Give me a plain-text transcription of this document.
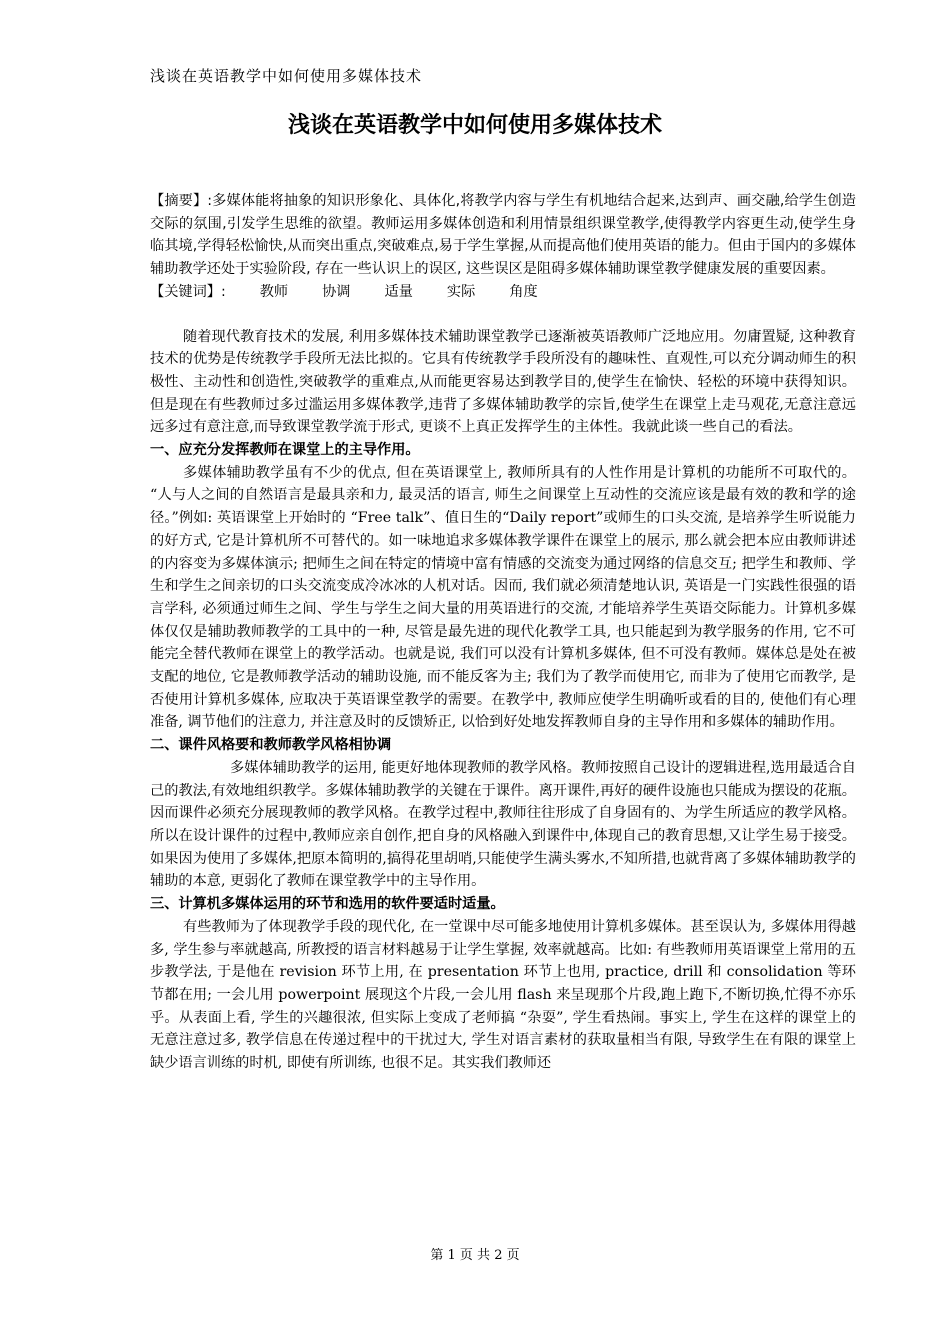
浅谈在英语教学中如何使用多媒体技术
浅谈在英语教学中如何使用多媒体技术

【摘要】:多媒体能将抽象的知识形象化、具体化,将教学内容与学生有机地结合起来,达到声、画交融,给学生创造交际的氛围,引发学生思维的欲望。教师运用多媒体创造和利用情景组织课堂教学,使得教学内容更生动,使学生身临其境,学得轻松愉快,从而突出重点,突破难点,易于学生掌握,从而提高他们使用英语的能力。但由于国内的多媒体辅助教学还处于实验阶段, 存在一些认识上的误区, 这些误区是阻碍多媒体辅助课堂教学健康发展的重要因素。

【关键词】: 教师 协调 适量 实际 角度

随着现代教育技术的发展, 利用多媒体技术辅助课堂教学已逐渐被英语教师广泛地应用。勿庸置疑, 这种教育技术的优势是传统教学手段所无法比拟的。它具有传统教学手段所没有的趣味性、直观性,可以充分调动师生的积极性、主动性和创造性,突破教学的重难点,从而能更容易达到教学目的,使学生在愉快、轻松的环境中获得知识。但是现在有些教师过多过滥运用多媒体教学,违背了多媒体辅助教学的宗旨,使学生在课堂上走马观花,无意注意远远多过有意注意,而导致课堂教学流于形式, 更谈不上真正发挥学生的主体性。我就此谈一些自己的看法。

一、应充分发挥教师在课堂上的主导作用。

多媒体辅助教学虽有不少的优点, 但在英语课堂上, 教师所具有的人性作用是计算机的功能所不可取代的。 “人与人之间的自然语言是最具亲和力, 最灵活的语言, 师生之间课堂上互动性的交流应该是最有效的教和学的途径。”例如: 英语课堂上开始时的 “Free talk”、值日生的“Daily report”或师生的口头交流, 是培养学生听说能力的好方式, 它是计算机所不可替代的。如一味地追求多媒体教学课件在课堂上的展示, 那么就会把本应由教师讲述的内容变为多媒体演示; 把师生之间在特定的情境中富有情感的交流变为通过网络的信息交互; 把学生和教师、学生和学生之间亲切的口头交流变成冷冰冰的人机对话。因而, 我们就必须清楚地认识, 英语是一门实践性很强的语言学科, 必须通过师生之间、学生与学生之间大量的用英语进行的交流, 才能培养学生英语交际能力。计算机多媒体仅仅是辅助教师教学的工具中的一种, 尽管是最先进的现代化教学工具, 也只能起到为教学服务的作用, 它不可能完全替代教师在课堂上的教学活动。也就是说, 我们可以没有计算机多媒体, 但不可没有教师。媒体总是处在被支配的地位, 它是教师教学活动的辅助设施, 而不能反客为主; 我们为了教学而使用它, 而非为了使用它而教学, 是否使用计算机多媒体, 应取决于英语课堂教学的需要。在教学中, 教师应使学生明确听或看的目的, 使他们有心理准备, 调节他们的注意力, 并注意及时的反馈矫正, 以恰到好处地发挥教师自身的主导作用和多媒体的辅助作用。

二、课件风格要和教师教学风格相协调

多媒体辅助教学的运用, 能更好地体现教师的教学风格。教师按照自己设计的逻辑进程,选用最适合自己的教法,有效地组织教学。多媒体辅助教学的关键在于课件。离开课件,再好的硬件设施也只能成为摆设的花瓶。因而课件必须充分展现教师的教学风格。在教学过程中,教师往往形成了自身固有的、为学生所适应的教学风格。所以在设计课件的过程中,教师应亲自创作,把自身的风格融入到课件中,体现自己的教育思想,又让学生易于接受。如果因为使用了多媒体,把原本简明的,搞得花里胡哨,只能使学生满头雾水,不知所措,也就背离了多媒体辅助教学的辅助的本意, 更弱化了教师在课堂教学中的主导作用。

三、计算机多媒体运用的环节和选用的软件要适时适量。

有些教师为了体现教学手段的现代化, 在一堂课中尽可能多地使用计算机多媒体。甚至误认为, 多媒体用得越多, 学生参与率就越高, 所教授的语言材料越易于让学生掌握, 效率就越高。比如: 有些教师用英语课堂上常用的五步教学法, 于是他在 revision 环节上用, 在 presentation 环节上也用, practice, drill 和 consolidation 等环节都在用; 一会儿用 powerpoint 展现这个片段,一会儿用 flash 来呈现那个片段,跑上跑下,不断切换,忙得不亦乐乎。从表面上看, 学生的兴趣很浓, 但实际上变成了老师搞 “杂耍”, 学生看热闹。事实上, 学生在这样的课堂上的无意注意过多, 教学信息在传递过程中的干扰过大, 学生对语言素材的获取量相当有限, 导致学生在有限的课堂上缺少语言训练的时机, 即使有所训练, 也很不足。其实我们教师还

第 1 页 共 2 页
